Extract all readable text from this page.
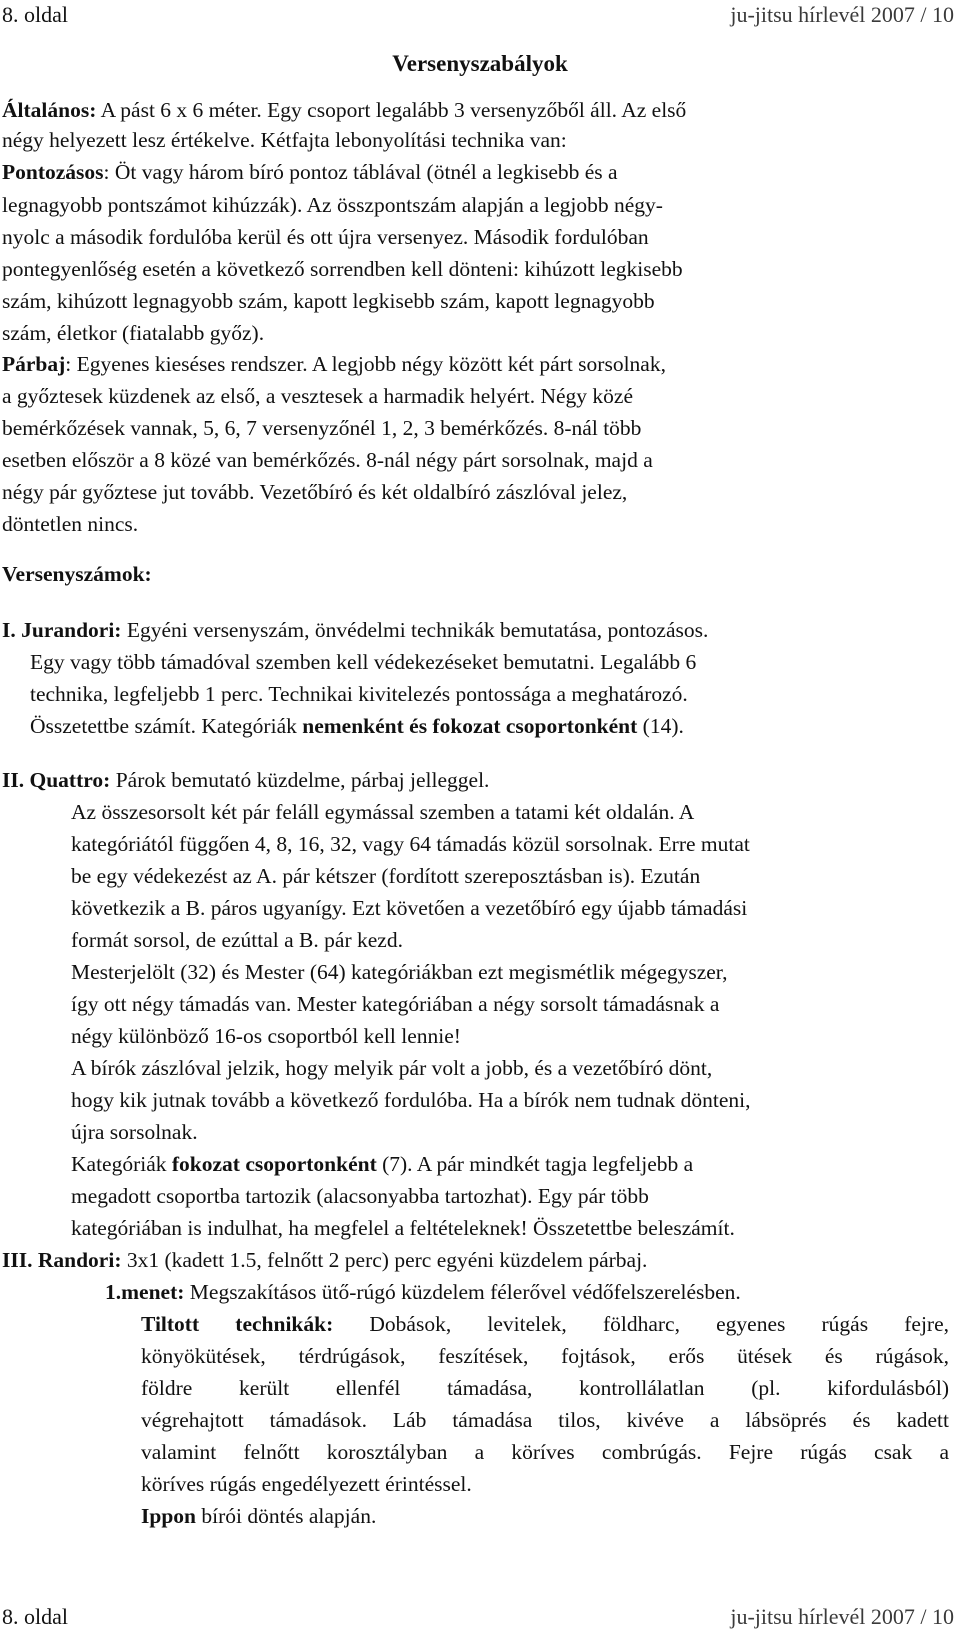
8. oldal	ju-jitsu hírlevél 2007 / 10
Versenyszabályok
Általános: A pást 6 x 6 méter. Egy csoport legalább 3 versenyzőből áll. Az első
négy helyezett lesz értékelve. Kétfajta lebonyolítási technika van:
Pontozásos: Öt vagy három bíró pontoz táblával (ötnél a legkisebb és a
legnagyobb pontszámot kihúzzák). Az összpontszám alapján a legjobb négy-
nyolc a második fordulóba kerül és ott újra versenyez. Második fordulóban
pontegyenlőség esetén a következő sorrendben kell dönteni: kihúzott legkisebb
szám, kihúzott legnagyobb szám, kapott legkisebb szám, kapott legnagyobb
szám, életkor (fiatalabb győz).
Párbaj: Egyenes kieséses rendszer. A legjobb négy között két párt sorsolnak,
a győztesek küzdenek az első, a vesztesek a harmadik helyért. Négy közé
bemérkőzések vannak, 5, 6, 7 versenyzőnél 1, 2, 3 bemérkőzés. 8-nál több
esetben először a 8 közé van bemérkőzés. 8-nál négy párt sorsolnak, majd a
négy pár győztese jut tovább. Vezetőbíró és két oldalbíró zászlóval jelez,
döntetlen nincs.
Versenyszámok:
I. Jurandori: Egyéni versenyszám, önvédelmi technikák bemutatása, pontozásos.
Egy vagy több támadóval szemben kell védekezéseket bemutatni. Legalább 6
technika, legfeljebb 1 perc. Technikai kivitelezés pontossága a meghatározó.
Összetettbe számít. Kategóriák nemenként és fokozat csoportonként (14).
II. Quattro: Párok bemutató küzdelme, párbaj jelleggel.
Az összesorsolt két pár feláll egymással szemben a tatami két oldalán. A
kategóriától függően 4, 8, 16, 32, vagy 64 támadás közül sorsolnak. Erre mutat
be egy védekezést az A. pár kétszer (fordított szereposztásban is). Ezután
következik a B. páros ugyanígy. Ezt követően a vezetőbíró egy újabb támadási
formát sorsol, de ezúttal a B. pár kezd.
Mesterjelölt (32) és Mester (64) kategóriákban ezt megismétlik mégegyszer,
így ott négy támadás van. Mester kategóriában a négy sorsolt támadásnak a
négy különböző 16-os csoportból kell lennie!
A bírók zászlóval jelzik, hogy melyik pár volt a jobb, és a vezetőbíró dönt,
hogy kik jutnak tovább a következő fordulóba. Ha a bírók nem tudnak dönteni,
újra sorsolnak.
Kategóriák fokozat csoportonként (7). A pár mindkét tagja legfeljebb a
megadott csoportba tartozik (alacsonyabba tartozhat). Egy pár több
kategóriában is indulhat, ha megfelel a feltételeknek! Összetettbe beleszámít.
III. Randori: 3x1 (kadett 1.5, felnőtt 2 perc) perc egyéni küzdelem párbaj.
1.menet: Megszakításos ütő-rúgó küzdelem félerővel védőfelszerelésben.
Tiltott technikák: Dobások, levitelek, földharc, egyenes rúgás fejre,
könyökütések, térdrúgások, feszítések, fojtások, erős ütések és rúgások,
földre került ellenfél támadása, kontrollálatlan (pl. kifordulásból)
végrehajtott támadások. Láb támadása tilos, kivéve a lábsöprés és kadett
valamint felnőtt korosztályban a köríves combrúgás. Fejre rúgás csak a
köríves rúgás engedélyezett érintéssel.
Ippon bírói döntés alapján.
8. oldal	ju-jitsu hírlevél 2007 / 10
